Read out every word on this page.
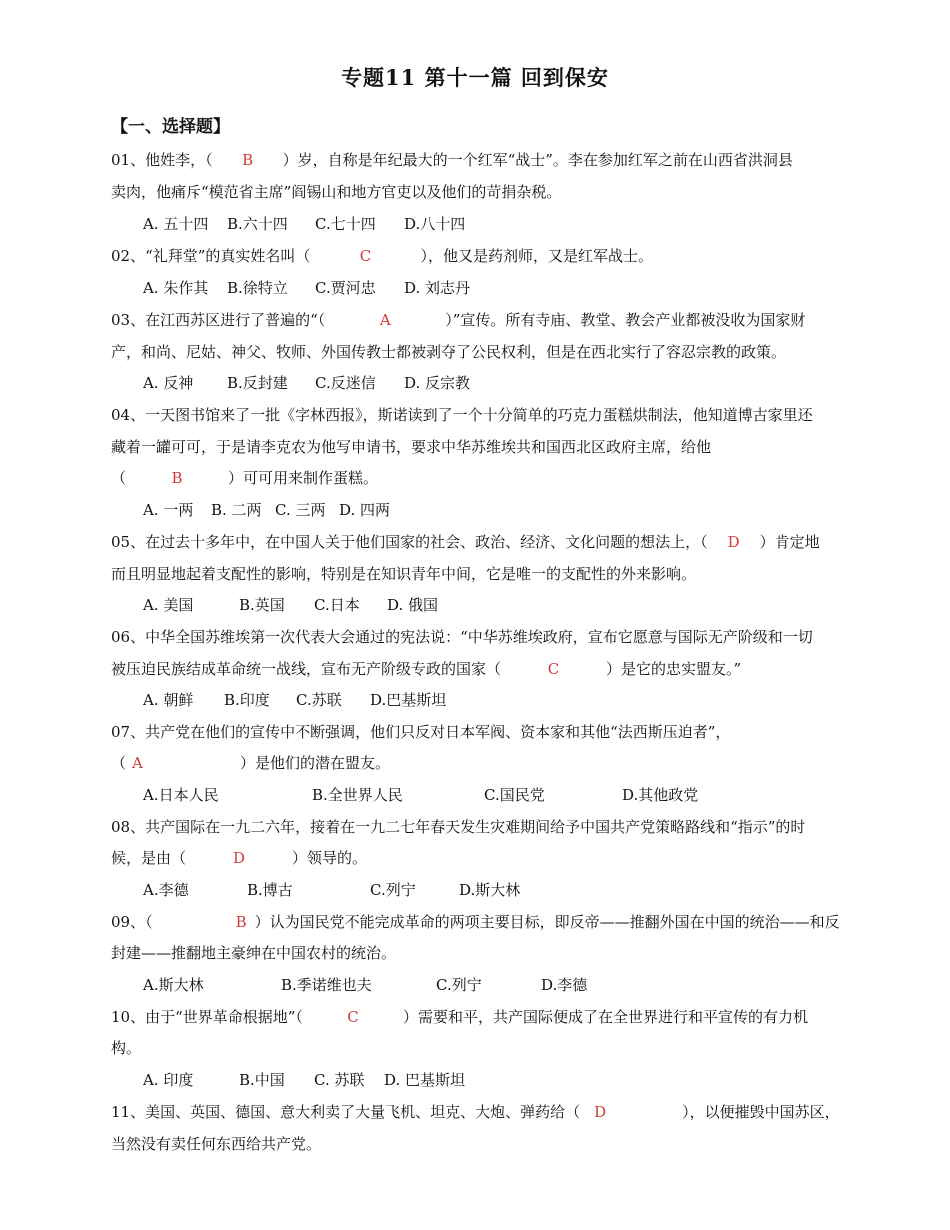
专题11 第十一篇 回到保安
【一、选择题】
01、他姓李，（ B ）岁，自称是年纪最大的一个红军“战士”。李在参加红军之前在山西省洪洞县
卖肉，他痛斥“模范省主席”阎锡山和地方官吏以及他们的苛捐杂税。
A. 五十四 B.六十四 C.七十四 D.八十四
02、“礼拜堂”的真实姓名叫（	C	），他又是药剂师，又是红军战士。
A. 朱作其 B.徐特立 C.贾河忠 D. 刘志丹
03、在江西苏区进行了普遍的“（	A	）”宣传。所有寺庙、教堂、教会产业都被没收为国家财
产，和尚、尼姑、神父、牧师、外国传教士都被剥夺了公民权利，但是在西北实行了容忍宗教的政策。
A. 反神 B.反封建 C.反迷信 D. 反宗教
04、一天图书馆来了一批《字林西报》，斯诺读到了一个十分简单的巧克力蛋糕烘制法，他知道博古家里还
藏着一罐可可，于是请李克农为他写申请书，要求中华苏维埃共和国西北区政府主席，给他
（	B	）可可用来制作蛋糕。
A. 一两 B. 二两 C. 三两 D. 四两
05、在过去十多年中，在中国人关于他们国家的社会、政治、经济、文化问题的想法上，（ D ）肯定地
而且明显地起着支配性的影响，特别是在知识青年中间，它是唯一的支配性的外来影响。
A. 美国	B.英国 C.日本 D. 俄国
06、中华全国苏维埃第一次代表大会通过的宪法说：“中华苏维埃政府，宣布它愿意与国际无产阶级和一切
被压迫民族结成革命统一战线，宣布无产阶级专政的国家（	C	）是它的忠实盟友。”
A. 朝鲜 B.印度 C.苏联 D.巴基斯坦
07、共产党在他们的宣传中不断强调，他们只反对日本军阀、资本家和其他“法西斯压迫者”，
（ A	）是他们的潜在盟友。
A.日本人民	B.全世界人民	C.国民党	D.其他政党
08、共产国际在一九二六年，接着在一九二七年春天发生灾难期间给予中国共产党策略路线和“指示”的时
候，是由（	D	）领导的。
A.李德	B.博古	C.列宁	D.斯大林
09、（	B ）认为国民党不能完成革命的两项主要目标，即反帝——推翻外国在中国的统治——和反
封建——推翻地主豪绅在中国农村的统治。
A.斯大林	B.季诺维也夫	C.列宁	D.李德
10、由于“世界革命根据地”（	C	）需要和平，共产国际便成了在全世界进行和平宣传的有力机
构。
A. 印度	B.中国 C. 苏联 D. 巴基斯坦
11、美国、英国、德国、意大利卖了大量飞机、坦克、大炮、弹药给（ D	），以便摧毁中国苏区，
当然没有卖任何东西给共产党。
